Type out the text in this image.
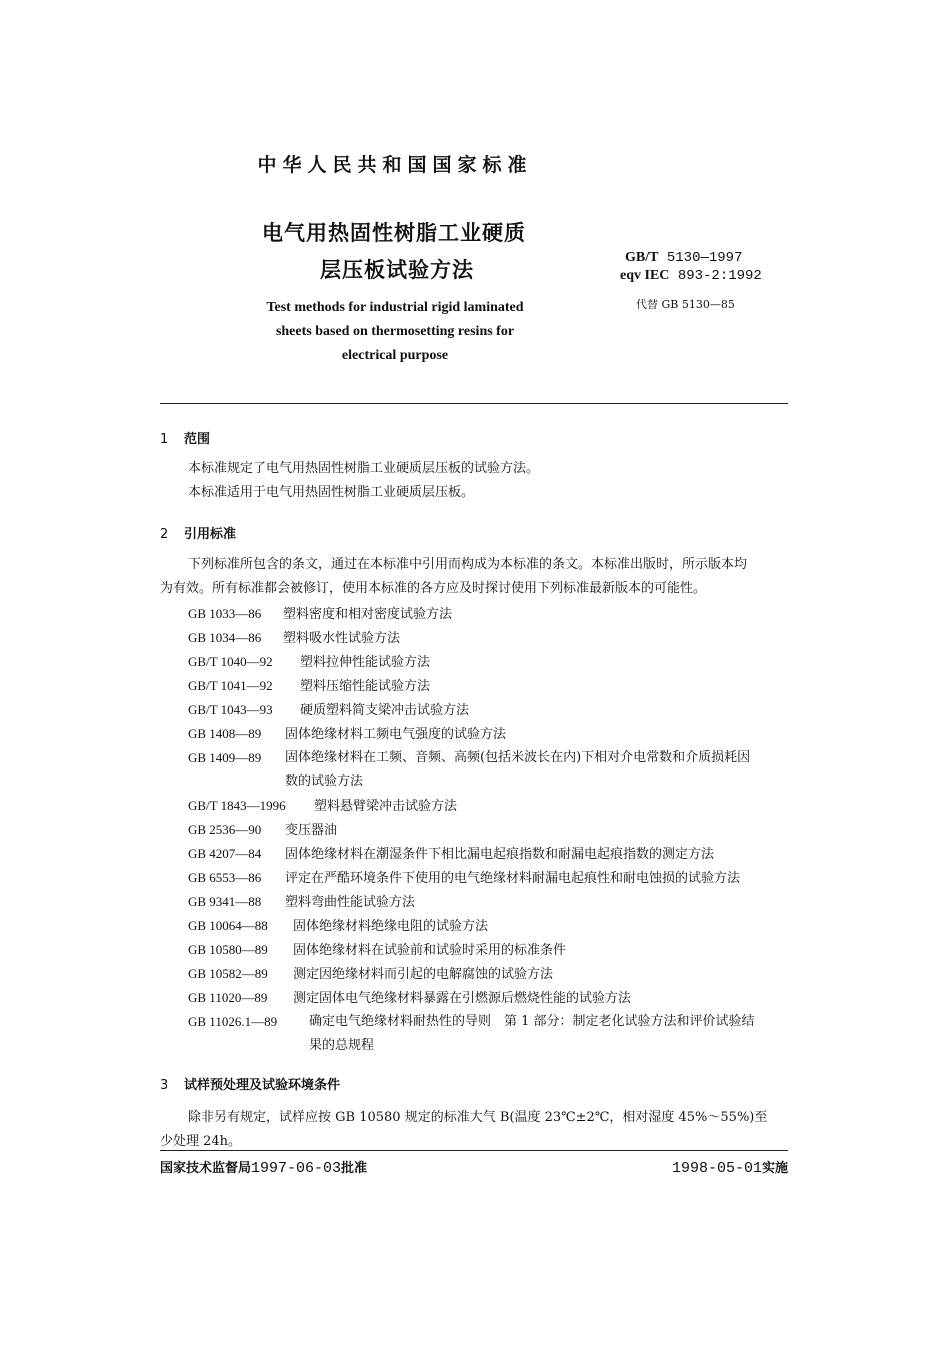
中华人民共和国国家标准
电气用热固性树脂工业硬质
层压板试验方法
GB/T 5130—1997
eqv IEC 893-2:1992
代替 GB 5130—85
Test methods for industrial rigid laminated
sheets based on thermosetting resins for
electrical purpose
1 范围
本标准规定了电气用热固性树脂工业硬质层压板的试验方法。
本标准适用于电气用热固性树脂工业硬质层压板。
2 引用标准
下列标准所包含的条文，通过在本标准中引用而构成为本标准的条文。本标准出版时，所示版本均
为有效。所有标准都会被修订，使用本标准的各方应及时探讨使用下列标准最新版本的可能性。
GB 1033—86 塑料密度和相对密度试验方法
GB 1034—86 塑料吸水性试验方法
GB/T 1040—92 塑料拉伸性能试验方法
GB/T 1041—92 塑料压缩性能试验方法
GB/T 1043—93 硬质塑料简支梁冲击试验方法
GB 1408—89 固体绝缘材料工频电气强度的试验方法
GB 1409—89 固体绝缘材料在工频、音频、高频(包括米波长在内)下相对介电常数和介质损耗因
数的试验方法
GB/T 1843—1996 塑料悬臂梁冲击试验方法
GB 2536—90 变压器油
GB 4207—84 固体绝缘材料在潮湿条件下相比漏电起痕指数和耐漏电起痕指数的测定方法
GB 6553—86 评定在严酷环境条件下使用的电气绝缘材料耐漏电起痕性和耐电蚀损的试验方法
GB 9341—88 塑料弯曲性能试验方法
GB 10064—88 固体绝缘材料绝缘电阻的试验方法
GB 10580—89 固体绝缘材料在试验前和试验时采用的标准条件
GB 10582—89 测定因绝缘材料而引起的电解腐蚀的试验方法
GB 11020—89 测定固体电气绝缘材料暴露在引燃源后燃烧性能的试验方法
GB 11026.1—89 确定电气绝缘材料耐热性的导则　第 1 部分：制定老化试验方法和评价试验结
果的总规程
3 试样预处理及试验环境条件
除非另有规定，试样应按 GB 10580 规定的标准大气 B(温度 23℃±2℃，相对湿度 45%～55%)至
少处理 24h。
国家技术监督局1997-06-03批准	1998-05-01实施
